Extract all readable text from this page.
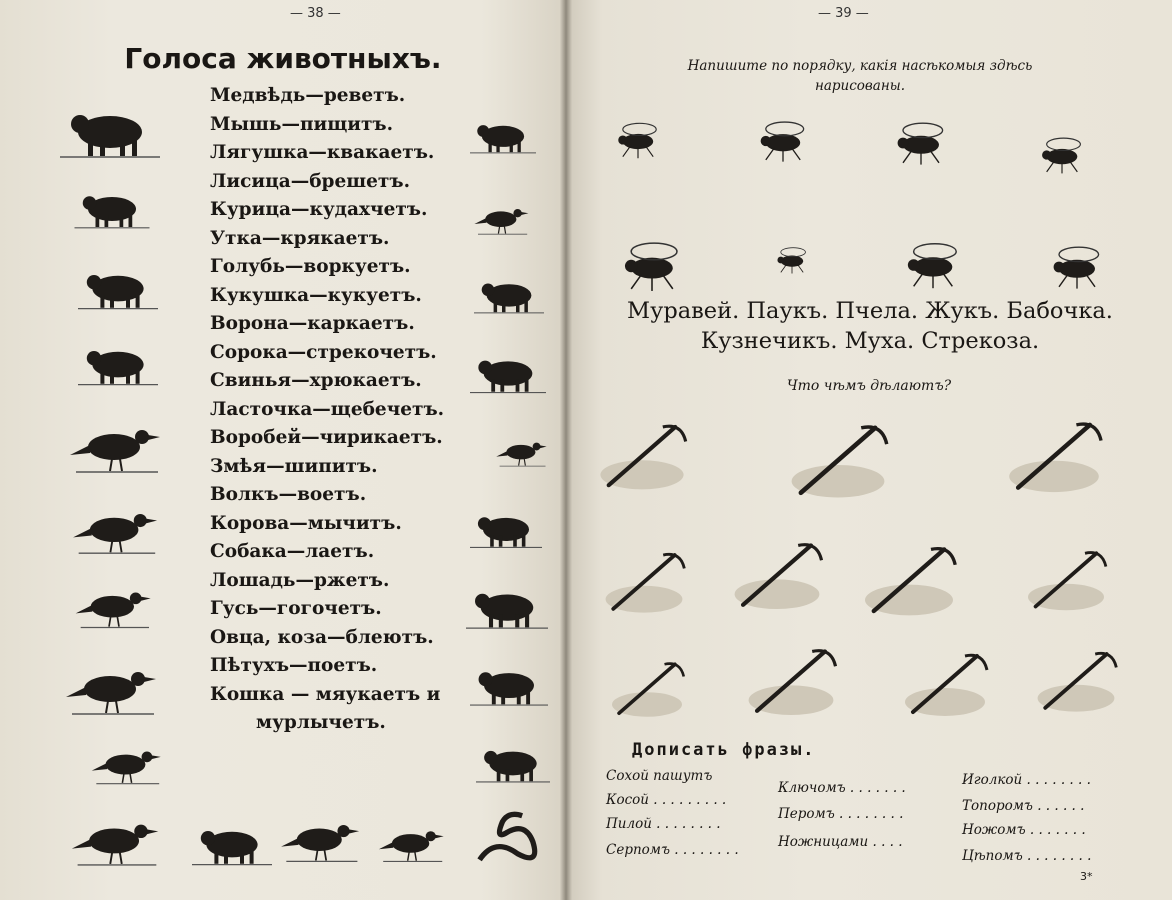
— 38 —
Голоса животныхъ.
Медвѣдь—реветъ.
Мышь—пищитъ.
Лягушка—квакаетъ.
Лисица—брешетъ.
Курица—кудахчетъ.
Утка—крякаетъ.
Голубь—воркуетъ.
Кукушка—кукуетъ.
Ворона—каркаетъ.
Сорока—стрекочетъ.
Свинья—хрюкаетъ.
Ласточка—щебечетъ.
Воробей—чирикаетъ.
Змѣя—шипитъ.
Волкъ—воетъ.
Корова—мычитъ.
Собака—лаетъ.
Лошадь—ржетъ.
Гусь—гогочетъ.
Овца, коза—блеютъ.
Пѣтухъ—поетъ.
Кошка — мяукаетъ и
мурлычетъ.
— 39 —
Напишите по порядку, какія насѣкомыя здѣсь
нарисованы.
Муравей. Паукъ. Пчела. Жукъ. Бабочка.
Кузнечикъ. Муха. Стрекоза.
Что чѣмъ дѣлаютъ?
Дописать фразы.
Сохой пашутъ
Косой . . . . . . . . .
Пилой . . . . . . . .
Серпомъ . . . . . . . .
Ключомъ . . . . . . .
Перомъ . . . . . . . .
Ножницами . . . .
Иголкой . . . . . . . .
Топоромъ . . . . . .
Ножомъ . . . . . . .
Цѣпомъ . . . . . . . .
3*
